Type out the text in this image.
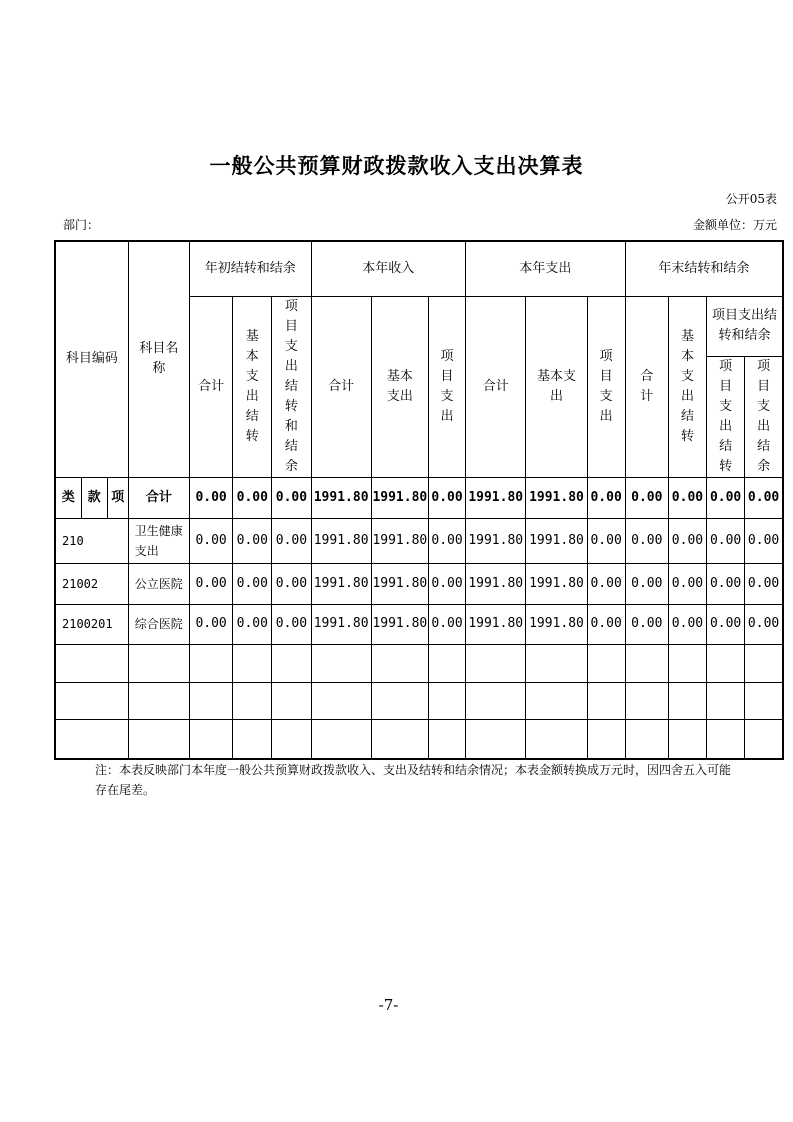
一般公共预算财政拨款收入支出决算表
公开05表
部门：	金额单位：万元
科目编码			科目名称	年初结转和结余			本年收入			本年支出			年末结转和结余			
				合计	基本支出结转	项目支出结转和结余	合计	基本支出	项目支出	合计	基本支出	项目支出	合计	基本支出结转	项目支出结转和结余	
															项目支出结转	项目支出结余
类	款	项	合计	0.00	0.00	0.00	1991.80	1991.80	0.00	1991.80	1991.80	0.00	0.00	0.00	0.00	0.00
210			卫生健康支出	0.00	0.00	0.00	1991.80	1991.80	0.00	1991.80	1991.80	0.00	0.00	0.00	0.00	0.00
21002			公立医院	0.00	0.00	0.00	1991.80	1991.80	0.00	1991.80	1991.80	0.00	0.00	0.00	0.00	0.00
2100201			综合医院	0.00	0.00	0.00	1991.80	1991.80	0.00	1991.80	1991.80	0.00	0.00	0.00	0.00	0.00

注：本表反映部门本年度一般公共预算财政拨款收入、支出及结转和结余情况；本表金额转换成万元时，因四舍五入可能存在尾差。
-7-
